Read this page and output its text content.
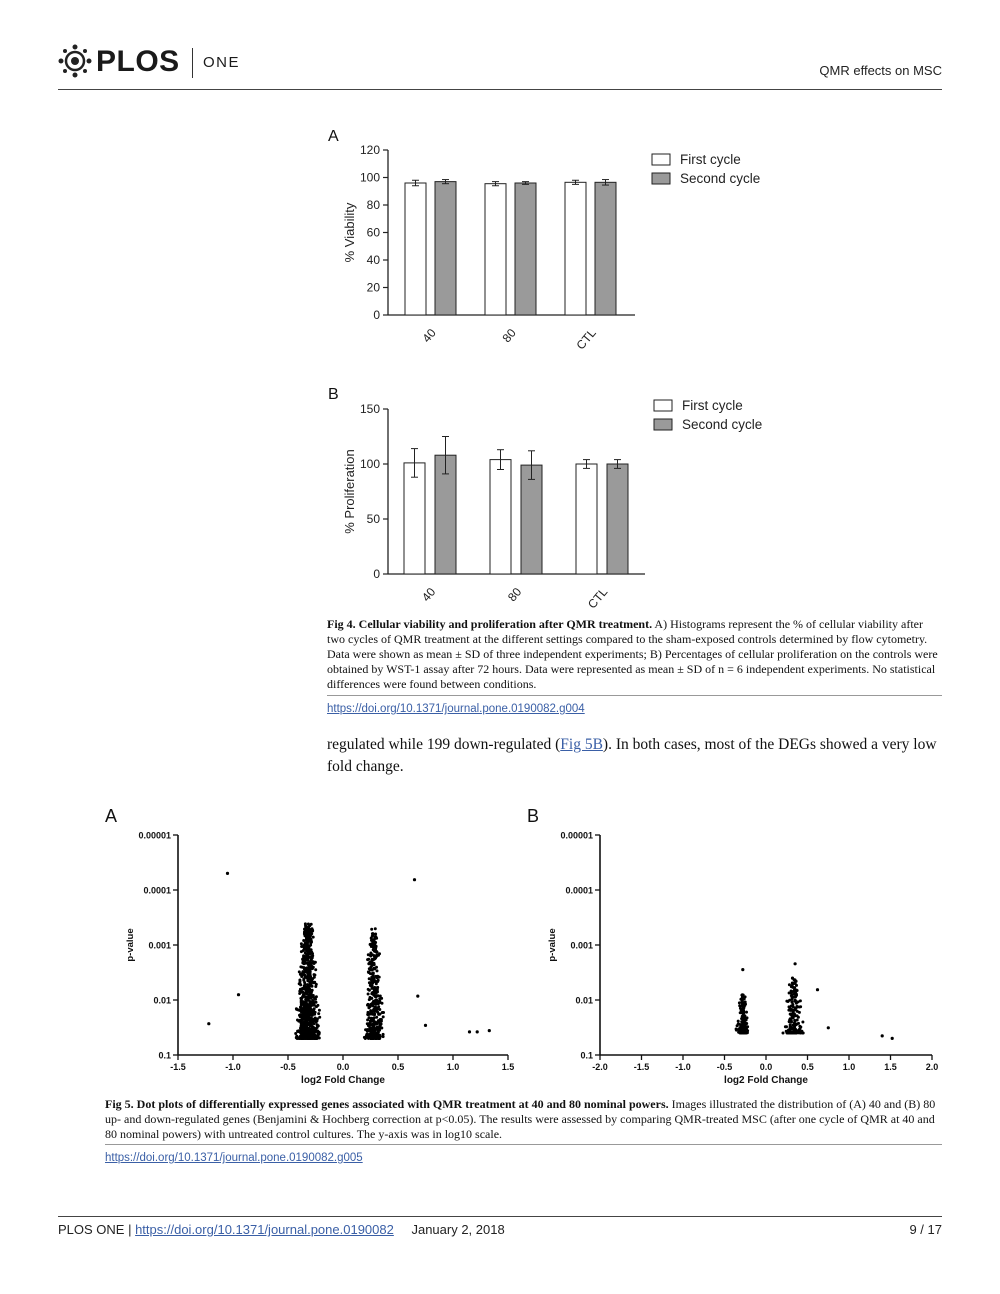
PLOS ONE	QMR effects on MSC
A
0
20
40
60
80
100
120
% Viability
40	80	CTL
First cycle
Second cycle
B
0
50
100
150
% Proliferation
40	80	CTL
First cycle
Second cycle
Fig 4. Cellular viability and proliferation after QMR treatment. A) Histograms represent the % of cellular viability after two cycles of QMR treatment at the different settings compared to the sham-exposed controls determined by flow cytometry. Data were shown as mean ± SD of three independent experiments; B) Percentages of cellular proliferation on the controls were obtained by WST-1 assay after 72 hours. Data were represented as mean ± SD of n = 6 independent experiments. No statistical differences were found between conditions.
https://doi.org/10.1371/journal.pone.0190082.g004
regulated while 199 down-regulated (Fig 5B). In both cases, most of the DEGs showed a very low fold change.
A	B
0.00001
0.0001
0.001
0.01
0.1
-1.5	-1.0	-0.5	0.0	0.5	1.0	1.5
log2 Fold Change
p-value
0.00001
0.0001
0.001
0.01
0.1
-2.0	-1.5	-1.0	-0.5	0.0	0.5	1.0	1.5	2.0
log2 Fold Change
p-value
Fig 5. Dot plots of differentially expressed genes associated with QMR treatment at 40 and 80 nominal powers. Images illustrated the distribution of (A) 40 and (B) 80 up- and down-regulated genes (Benjamini & Hochberg correction at p<0.05). The results were assessed by comparing QMR-treated MSC (after one cycle of QMR at 40 and 80 nominal powers) with untreated control cultures. The y-axis was in log10 scale.
https://doi.org/10.1371/journal.pone.0190082.g005
PLOS ONE | https://doi.org/10.1371/journal.pone.0190082 January 2, 2018	9 / 17
